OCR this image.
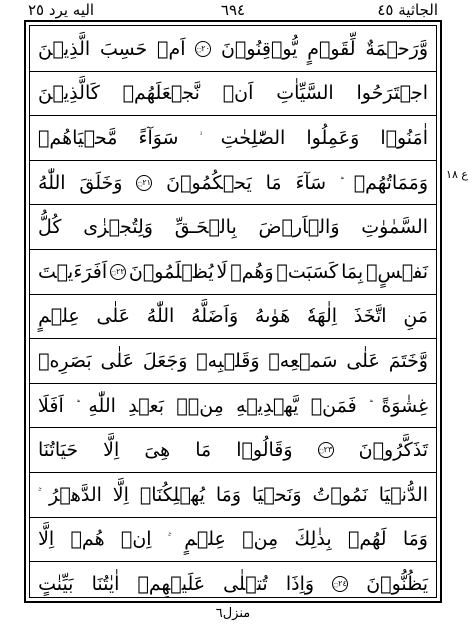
الجاثية ٤٥
٦٩٤
اليه يرد ٢٥
وَّرَحۡمَةٌ
لِّقَوۡمٍ
يُّوۡقِنُوۡنَ
۝٢٠
اَمۡ
حَسِبَ
الَّذِيۡنَ
اجۡتَرَحُوا
السَّيِّاٰتِ
اَنۡ
نَّجۡعَلَهُمۡ
كَالَّذِيۡنَ
اٰمَنُوۡا
وَعَمِلُوا
الصّٰلِحٰتِ
سَوَآءً
مَّحۡيَاهُمۡ
وَمَمَاتُهُمۡ
سَآءَ
مَا
يَحۡكُمُوۡنَ
۝٢١
وَخَلَقَ
اللّٰهُ
السَّمٰوٰتِ
وَالۡاَرۡضَ
بِالۡحَـقِّ
وَلِتُجۡزٰى
كُلُّ
نَفۡسٍۢ
بِمَا
كَسَبَتۡ
وَهُمۡ
لَا
يُظۡلَمُوۡنَ
۝٢٢
اَفَرَءَيۡتَ
مَنِ
اتَّخَذَ
اِلٰهَهٗ
هَوٰٮهُ
وَاَضَلَّهُ
اللّٰهُ
عَلٰى
عِلۡمٍ
وَّخَتَمَ
عَلٰى
سَمۡعِهٖ
وَقَلۡبِهٖ
وَجَعَلَ
عَلٰى
بَصَرِهٖ
غِشٰوَةً
فَمَنۡ
يَّهۡدِيۡهِ
مِنۡۢ
بَعۡدِ
اللّٰهِ
اَفَلَا
تَذَكَّرُوۡنَ
۝٢٣
وَقَالُوۡا
مَا
هِىَ
اِلَّا
حَيَاتُنَا
الدُّنۡيَا
نَمُوۡتُ
وَنَحۡيَا
وَمَا
يُهۡلِكُنَاۤ
اِلَّا
الدَّهۡرُ
وَمَا
لَهُمۡ
بِذٰلِكَ
مِنۡ
عِلۡمٍ
اِنۡ
هُمۡ
اِلَّا
يَظُنُّوۡنَ
۝٢٤
وَاِذَا
تُتۡلٰى
عَلَيۡهِمۡ
اٰيٰتُنَا
بَيِّنٰتٍ
ع ١٨
منزل٦
